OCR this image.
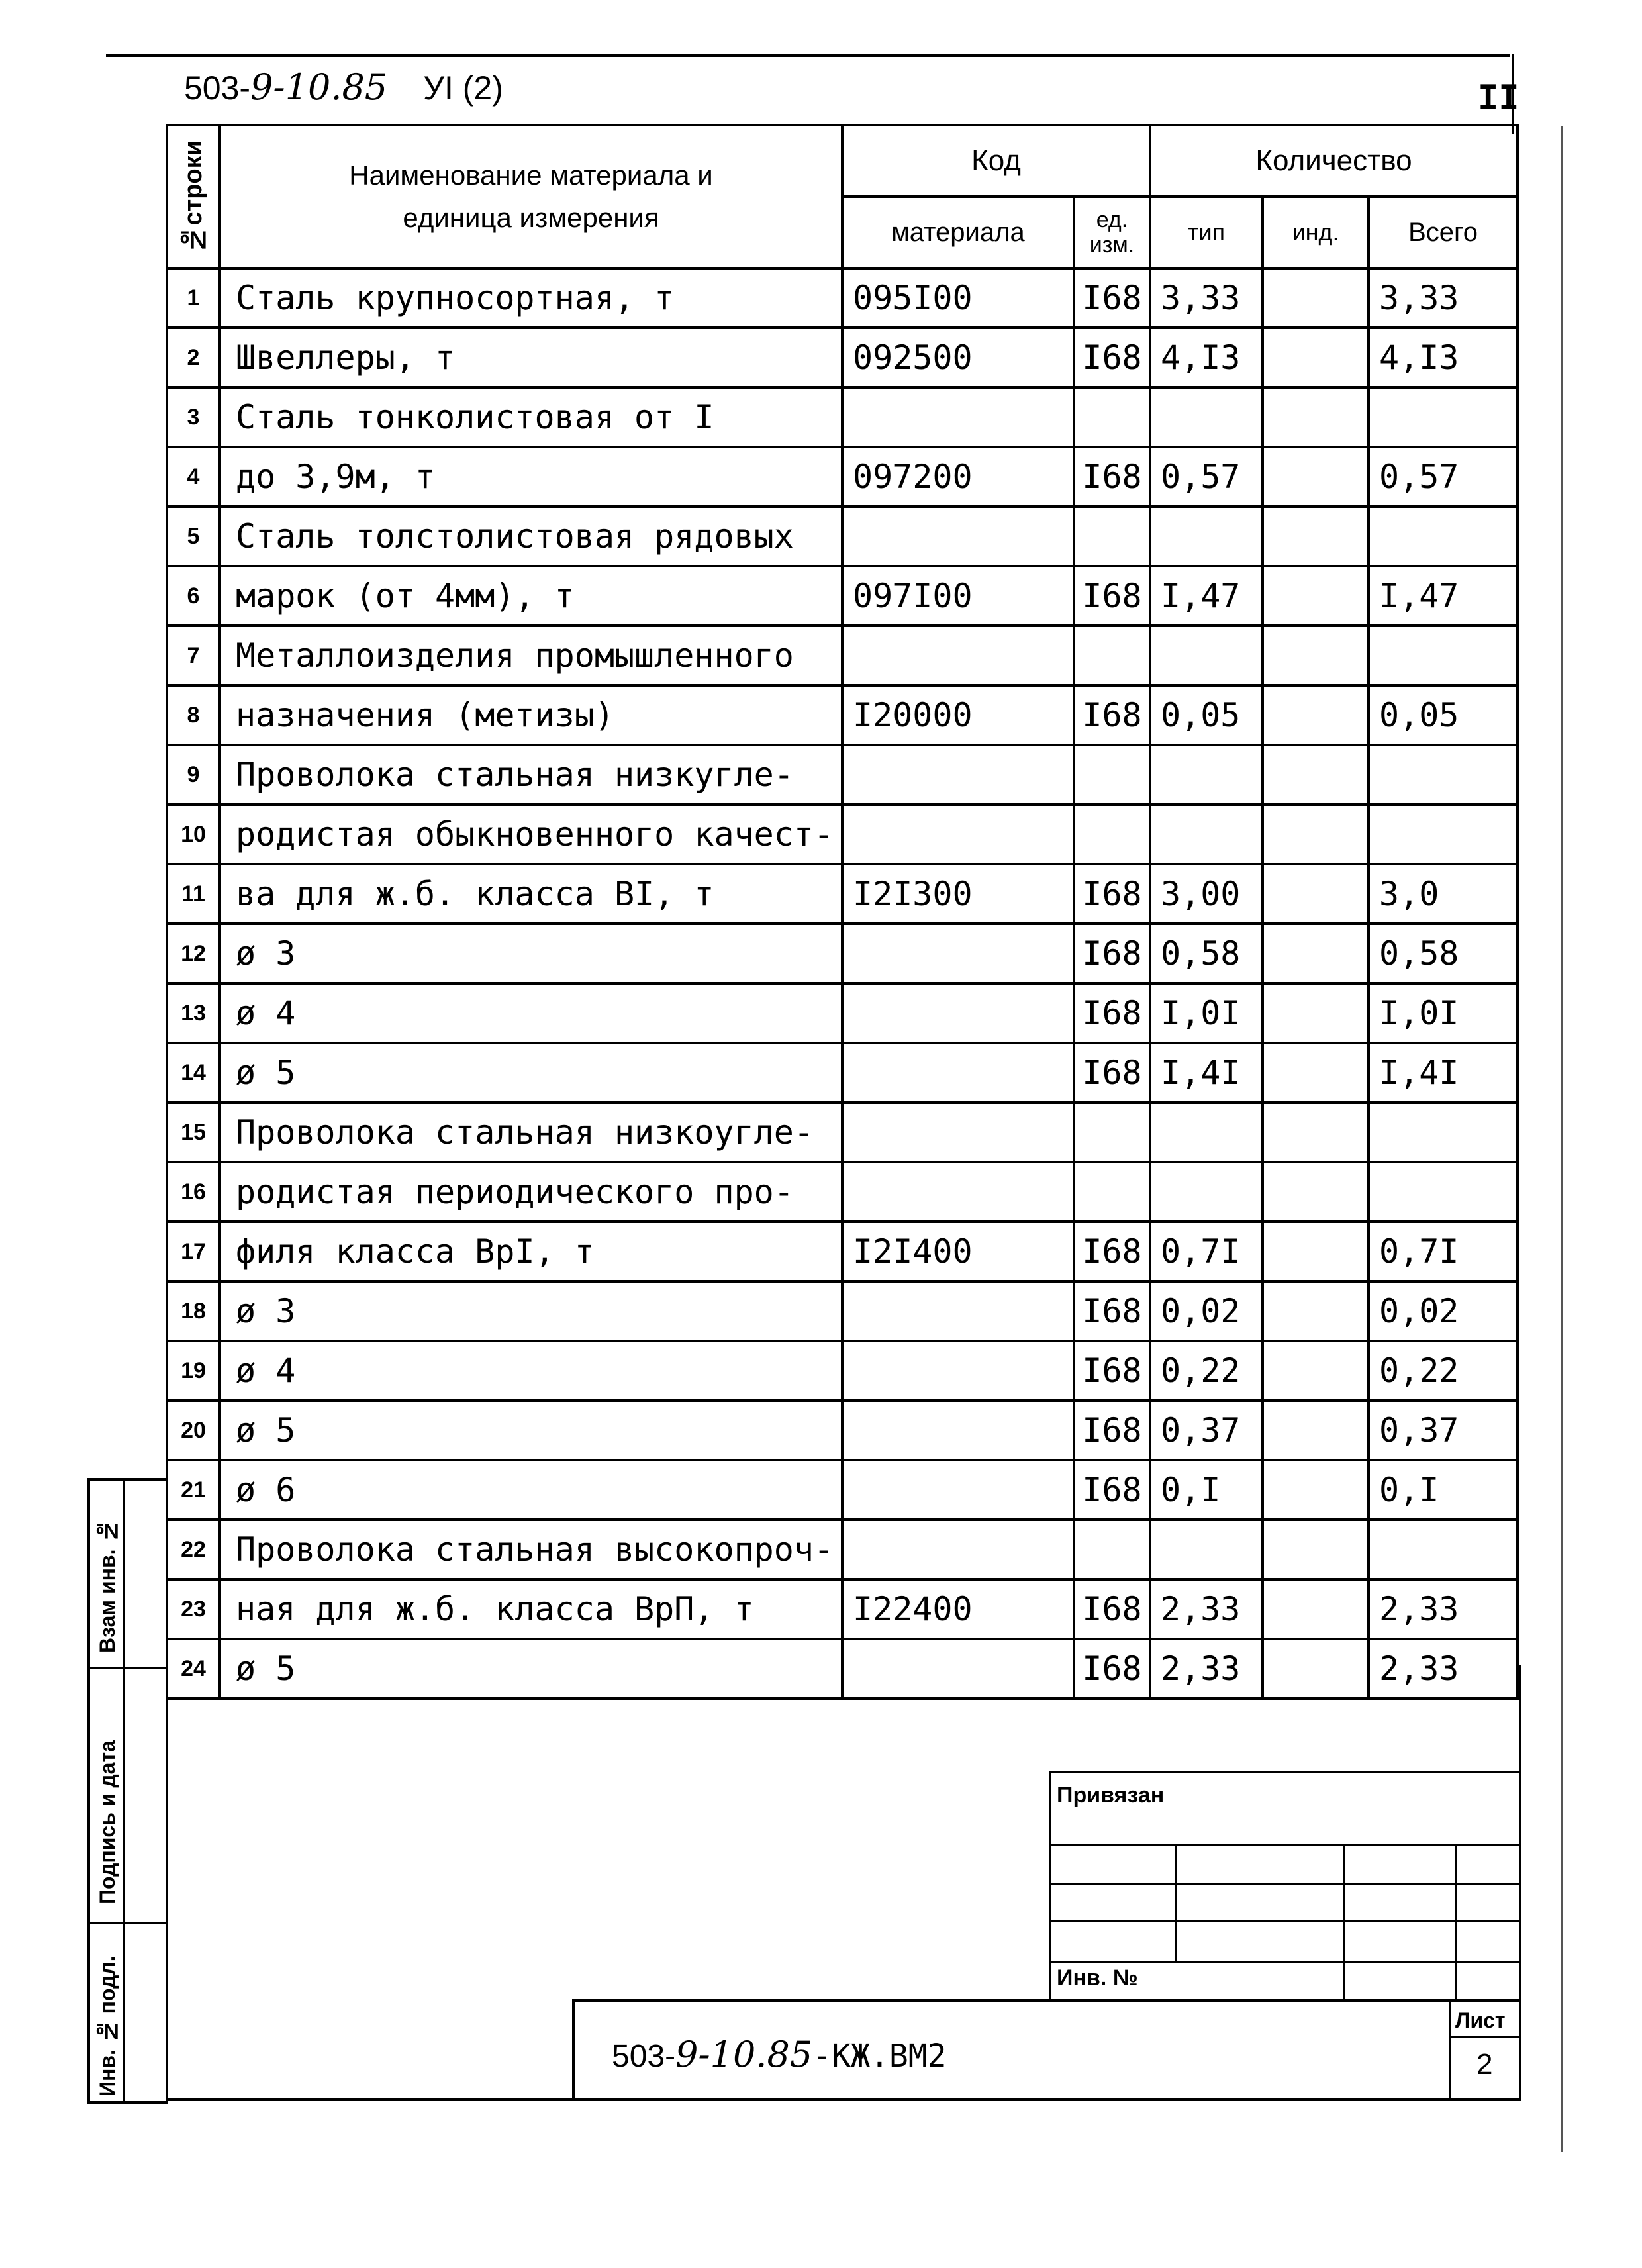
503-9-10.85 УI (2)	II
№строки	Наименование материала и единица измерения	Код		Количество		
		материала	ед. изм.	тип	инд.	Всего
1	Сталь крупносортная, т	095I00	I68	3,33		3,33
2	Швеллеры, т	092500	I68	4,I3		4,I3
3	Сталь тонколистовая от I					
4	до 3,9м, т	097200	I68	0,57		0,57
5	Сталь толстолистовая рядовых					
6	марок (от 4мм), т	097I00	I68	I,47		I,47
7	Металлоизделия промышленного					
8	назначения (метизы)	I20000	I68	0,05		0,05
9	Проволока стальная низкугле-					
10	родистая обыкновенного качест-					
11	ва для ж.б. класса ВI, т	I2I300	I68	3,00		3,0
12	ø 3		I68	0,58		0,58
13	ø 4		I68	I,0I		I,0I
14	ø 5		I68	I,4I		I,4I
15	Проволока стальная низкоугле-					
16	родистая периодического про-					
17	филя класса ВрI, т	I2I400	I68	0,7I		0,7I
18	ø 3		I68	0,02		0,02
19	ø 4		I68	0,22		0,22
20	ø 5		I68	0,37		0,37
21	ø 6		I68	0,I		0,I
22	Проволока стальная высокопроч-					
23	ная для ж.б. класса ВрП, т	I22400	I68	2,33		2,33
24	ø 5		I68	2,33		2,33
Привязан
Инв. №
503-9-10.85-КЖ.ВМ2
Лист
2
Взам инв. №
Подпись и дата
Инв. № подл.
